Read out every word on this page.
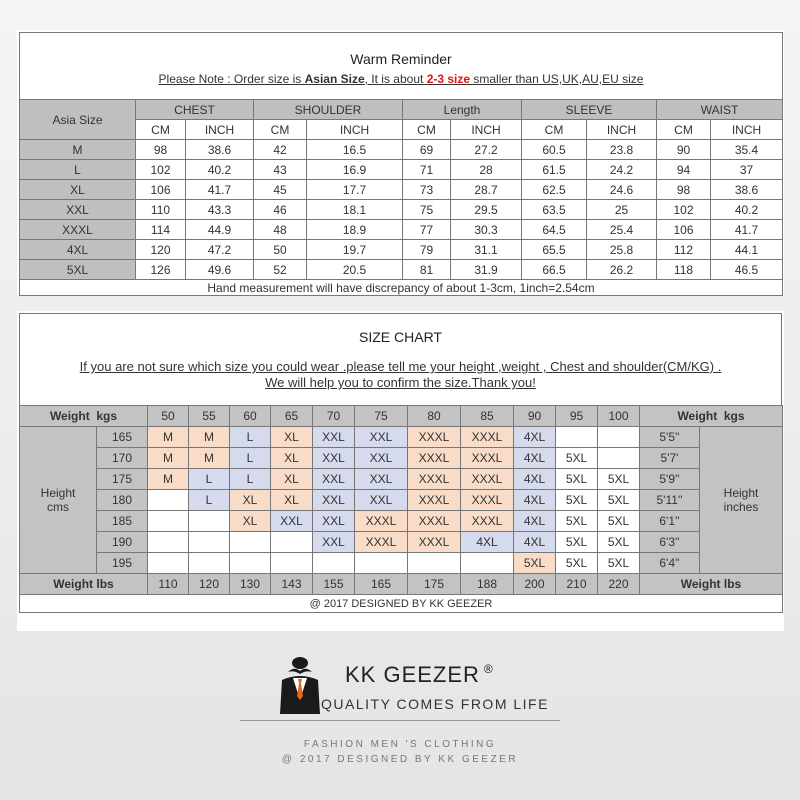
Warm Reminder
Please Note : Order size is Asian Size, It is about 2-3 size smaller than US,UK,AU,EU size										

Asia Size	CHEST		SHOULDER		Length		SLEEVE		WAIST	
	CM	INCH	CM	INCH	CM	INCH	CM	INCH	CM	INCH
M	98	38.6	42	16.5	69	27.2	60.5	23.8	90	35.4
L	102	40.2	43	16.9	71	28	61.5	24.2	94	37
XL	106	41.7	45	17.7	73	28.7	62.5	24.6	98	38.6
XXL	110	43.3	46	18.1	75	29.5	63.5	25	102	40.2
XXXL	114	44.9	48	18.9	77	30.3	64.5	25.4	106	41.7
4XL	120	47.2	50	19.7	79	31.1	65.5	25.8	112	44.1
5XL	126	49.6	52	20.5	81	31.9	66.5	26.2	118	46.5
Hand measurement will have discrepancy of about 1-3cm, 1inch=2.54cm										
SIZE CHART
If you are not sure which size you could wear .please tell me your height ,weight , Chest and shoulder(CM/KG) .
We will help you to confirm the size.Thank you!
Weight  kgs		50	55	60	65	70	75	80	85	90	95	100	Weight  kgs	
Height
cms	165	M	M	L	XL	XXL	XXL	XXXL	XXXL	4XL			5'5''	Height
inches
	170	M	M	L	XL	XXL	XXL	XXXL	XXXL	4XL	5XL		5'7'	
	175	M	L	L	XL	XXL	XXL	XXXL	XXXL	4XL	5XL	5XL	5'9''	
	180		L	XL	XL	XXL	XXL	XXXL	XXXL	4XL	5XL	5XL	5'11''	
	185			XL	XXL	XXL	XXXL	XXXL	XXXL	4XL	5XL	5XL	6'1''	
	190					XXL	XXXL	XXXL	4XL	4XL	5XL	5XL	6'3''	
	195									5XL	5XL	5XL	6'4''	
Weight lbs		110	120	130	143	155	165	175	188	200	210	220	Weight lbs	
@ 2017 DESIGNED BY KK GEEZER														
KK GEEZER ®
QUALITY COMES FROM LIFE
FASHION MEN 'S CLOTHING
@ 2017 DESIGNED BY KK GEEZER
